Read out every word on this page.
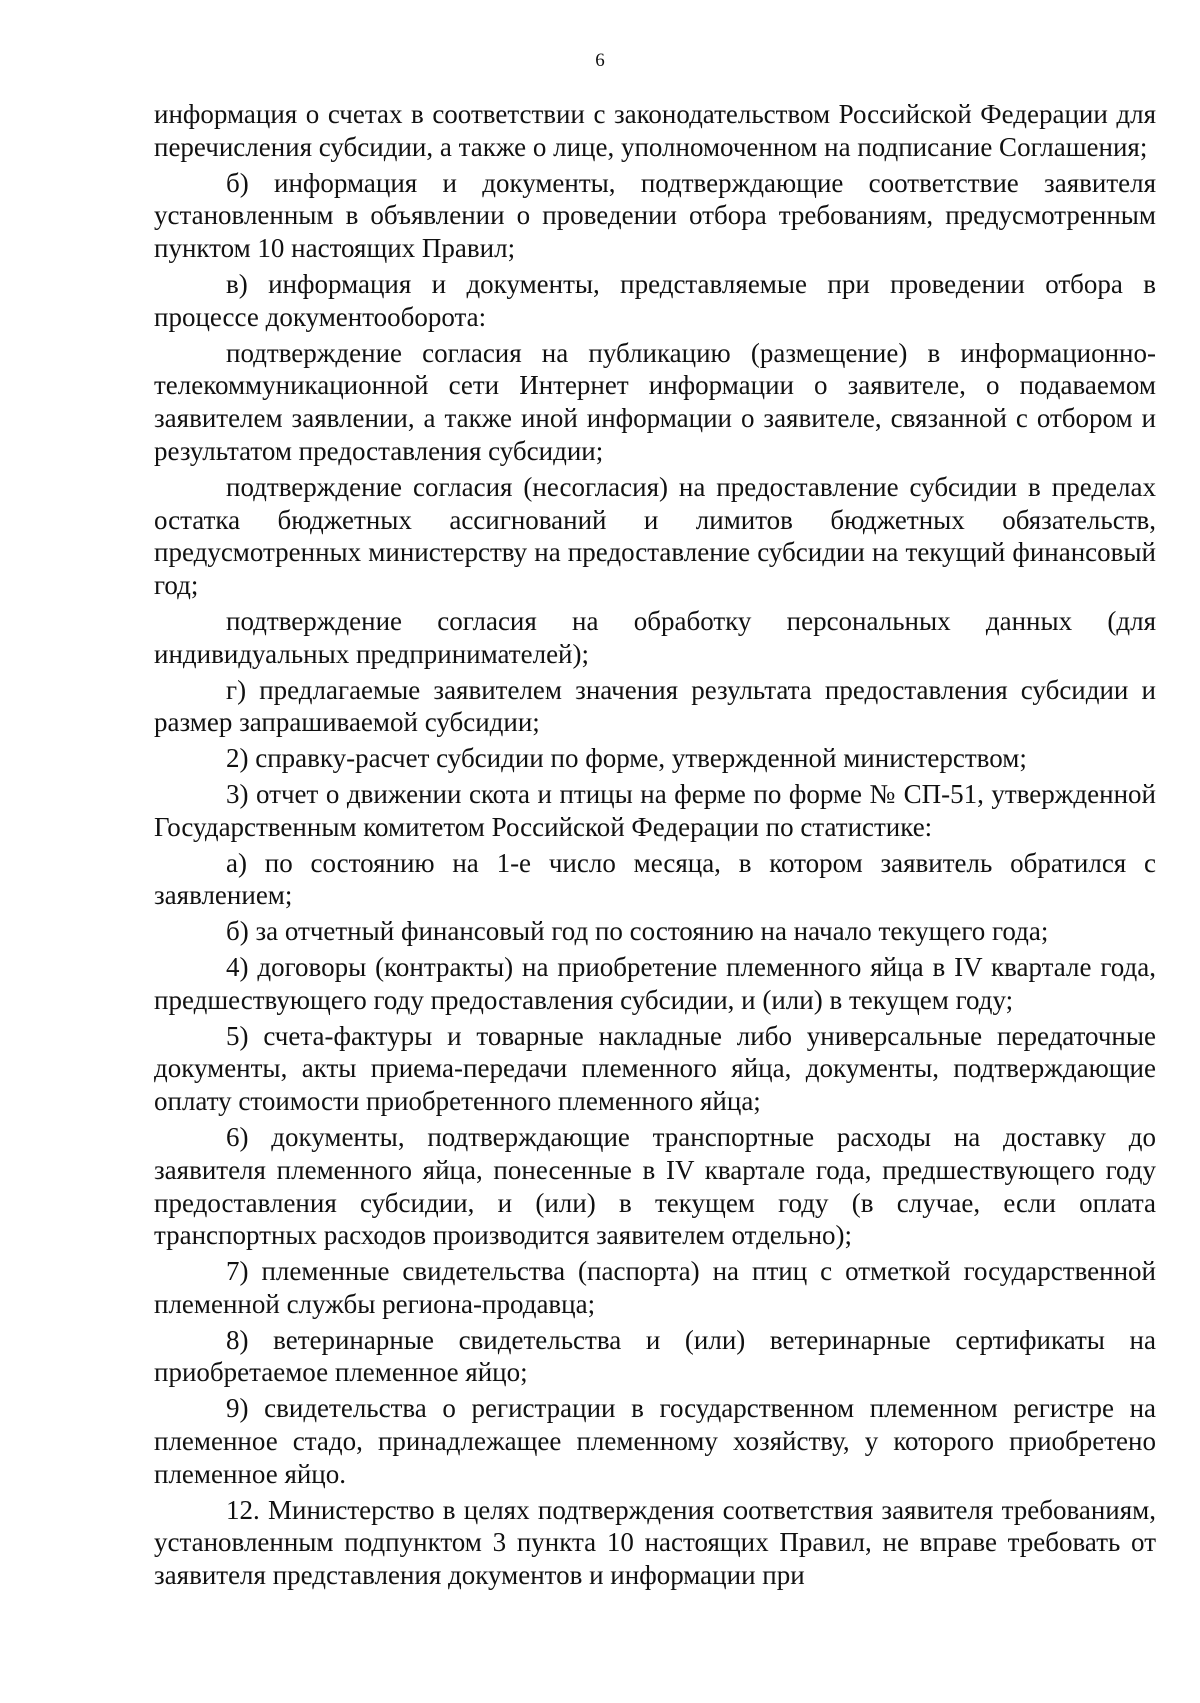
6

информация о счетах в соответствии с законодательством Российской Федерации для перечисления субсидии, а также о лице, уполномоченном на подписание Соглашения;

б) информация и документы, подтверждающие соответствие заявителя установленным в объявлении о проведении отбора требованиям, предусмотренным пунктом 10 настоящих Правил;

в) информация и документы, представляемые при проведении отбора в процессе документооборота:

подтверждение согласия на публикацию (размещение) в информационно-телекоммуникационной сети Интернет информации о заявителе, о подаваемом заявителем заявлении, а также иной информации о заявителе, связанной с отбором и результатом предоставления субсидии;

подтверждение согласия (несогласия) на предоставление субсидии в пределах остатка бюджетных ассигнований и лимитов бюджетных обязательств, предусмотренных министерству на предоставление субсидии на текущий финансовый год;

подтверждение согласия на обработку персональных данных (для индивидуальных предпринимателей);

г) предлагаемые заявителем значения результата предоставления субсидии и размер запрашиваемой субсидии;

2) справку-расчет субсидии по форме, утвержденной министерством;

3) отчет о движении скота и птицы на ферме по форме № СП-51, утвержденной Государственным комитетом Российской Федерации по статистике:

а) по состоянию на 1-е число месяца, в котором заявитель обратился с заявлением;

б) за отчетный финансовый год по состоянию на начало текущего года;

4) договоры (контракты) на приобретение племенного яйца в IV квартале года, предшествующего году предоставления субсидии, и (или) в текущем году;

5) счета-фактуры и товарные накладные либо универсальные передаточные документы, акты приема-передачи племенного яйца, документы, подтверждающие оплату стоимости приобретенного племенного яйца;

6) документы, подтверждающие транспортные расходы на доставку до заявителя племенного яйца, понесенные в IV квартале года, предшествующего году предоставления субсидии, и (или) в текущем году (в случае, если оплата транспортных расходов производится заявителем отдельно);

7) племенные свидетельства (паспорта) на птиц с отметкой государственной племенной службы региона-продавца;

8) ветеринарные свидетельства и (или) ветеринарные сертификаты на приобретаемое племенное яйцо;

9) свидетельства о регистрации в государственном племенном регистре на племенное стадо, принадлежащее племенному хозяйству, у которого приобретено племенное яйцо.

12. Министерство в целях подтверждения соответствия заявителя требованиям, установленным подпунктом 3 пункта 10 настоящих Правил, не вправе требовать от заявителя представления документов и информации при
